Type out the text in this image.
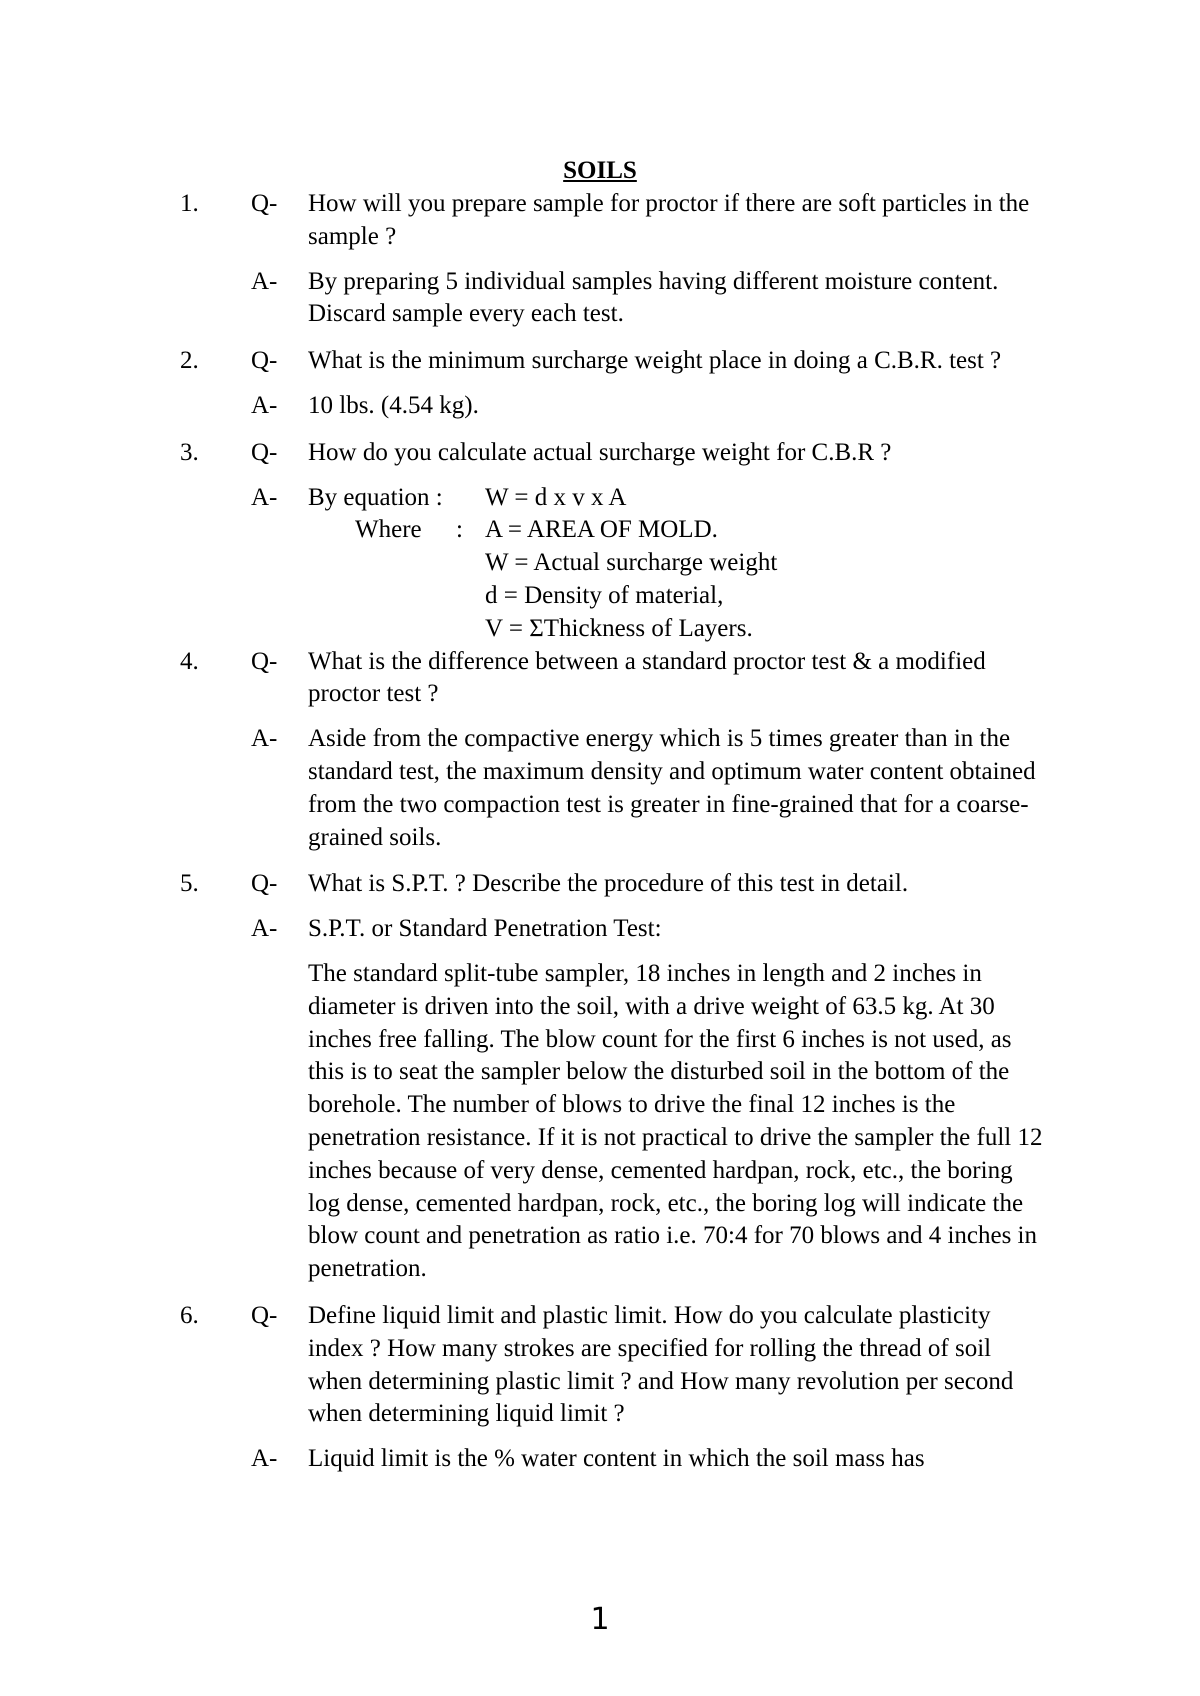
SOILS
1. Q- How will you prepare sample for proctor if there are soft particles in the sample ?

A- By preparing 5 individual samples having different moisture content. Discard sample every each test.

2. Q- What is the minimum surcharge weight place in doing a C.B.R. test ?

A- 10 lbs. (4.54 kg).

3. Q- How do you calculate actual surcharge weight for C.B.R ?

A- By equation : W = d x v x A
Where : A = AREA OF MOLD.
W = Actual surcharge weight
d = Density of material,
V = ΣThickness of Layers.
4. Q- What is the difference between a standard proctor test & a modified proctor test ?

A- Aside from the compactive energy which is 5 times greater than in the standard test, the maximum density and optimum water content obtained from the two compaction test is greater in fine-grained that for a coarse-grained soils.

5. Q- What is S.P.T. ? Describe the procedure of this test in detail.

A- S.P.T. or Standard Penetration Test:

The standard split-tube sampler, 18 inches in length and 2 inches in diameter is driven into the soil, with a drive weight of 63.5 kg. At 30 inches free falling. The blow count for the first 6 inches is not used, as this is to seat the sampler below the disturbed soil in the bottom of the borehole. The number of blows to drive the final 12 inches is the penetration resistance. If it is not practical to drive the sampler the full 12 inches because of very dense, cemented hardpan, rock, etc., the boring log dense, cemented hardpan, rock, etc., the boring log will indicate the blow count and penetration as ratio i.e. 70:4 for 70 blows and 4 inches in penetration.

6. Q- Define liquid limit and plastic limit. How do you calculate plasticity index ? How many strokes are specified for rolling the thread of soil when determining plastic limit ? and How many revolution per second when determining liquid limit ?

A- Liquid limit is the % water content in which the soil mass has

1
